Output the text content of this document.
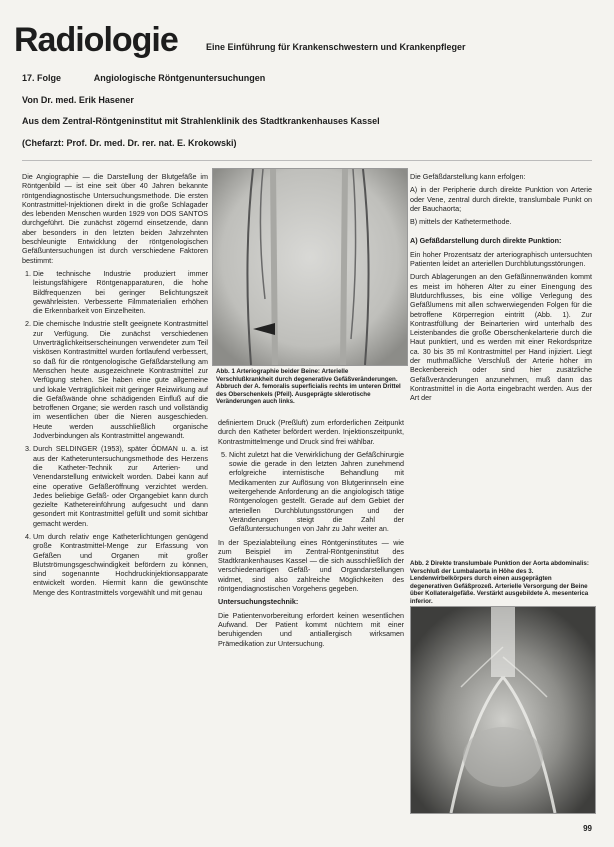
Radiologie	Eine Einführung für Krankenschwestern und Krankenpfleger
17. Folge	Angiologische Röntgenuntersuchungen
Von Dr. med. Erik Hasener
Aus dem Zentral-Röntgeninstitut mit Strahlenklinik des Stadtkrankenhauses Kassel
(Chefarzt: Prof. Dr. med. Dr. rer. nat. E. Krokowski)

Die Angiographie — die Darstellung der Blutgefäße im Röntgenbild — ist eine seit über 40 Jahren bekannte röntgendiagnostische Untersuchungsmethode. Die ersten Kontrastmittel-Injektionen direkt in die große Schlagader des lebenden Menschen wurden 1929 von DOS SANTOS durchgeführt. Die zunächst zögernd einsetzende, dann aber besonders in den letzten beiden Jahrzehnten beschleunigte Entwicklung der röntgenologischen Gefäßuntersuchungen ist durch verschiedene Faktoren bestimmt:

1. Die technische Industrie produziert immer leistungsfähigere Röntgenapparaturen, die hohe Bildfrequenzen bei geringer Belichtungszeit gewährleisten. Verbesserte Filmmaterialien erhöhen die Erkennbarkeit von Einzelheiten.
2. Die chemische Industrie stellt geeignete Kontrastmittel zur Verfügung. Die zunächst verschiedenen Unverträglichkeitserscheinungen verwendeter zum Teil viskösen Kontrastmittel wurden fortlaufend verbessert, so daß für die röntgenologische Gefäßdarstellung am Menschen heute ausgezeichnete Kontrastmittel zur Verfügung stehen. Sie haben eine gute allgemeine und lokale Verträglichkeit mit geringer Reizwirkung auf die Gefäßwände ohne schädigenden Einfluß auf die betroffenen Organe; sie werden rasch und vollständig im wesentlichen über die Nieren ausgeschieden. Heute werden ausschließlich organische Jodverbindungen als Kontrastmittel angewandt.
3. Durch SELDINGER (1953), später ÖDMAN u. a. ist aus der Katheteruntersuchungsmethode des Herzens die Katheter-Technik zur Arterien- und Venendarstellung entwickelt worden. Dabei kann auf eine operative Gefäßeröffnung verzichtet werden. Jedes beliebige Gefäß- oder Organgebiet kann durch gezielte Kathetereinführung aufgesucht und dann gesondert mit Kontrastmittel gefüllt und somit sichtbar gemacht werden.
4. Um durch relativ enge Katheterlichtungen genügend große Kontrastmittel-Menge zur Erfassung von Gefäßen und Organen mit großer Blutströmungsgeschwindigkeit befördern zu können, sind sogenannte Hochdruckinjektionsapparate entwickelt worden. Hiermit kann die gewünschte Menge des Kontrastmittels vorgewählt und mit genau
Abb. 1 Arteriographie beider Beine: Arterielle Verschlußkrankheit durch degenerative Gefäßveränderungen. Abbruch der A. femoralis superficialis rechts im unteren Drittel des Oberschenkels (Pfeil). Ausgeprägte sklerotische Veränderungen auch links.

definiertem Druck (Preßluft) zum erforderlichen Zeitpunkt durch den Katheter befördert werden. Injektionszeitpunkt, Kontrastmittelmenge und Druck sind frei wählbar.

5. Nicht zuletzt hat die Verwirklichung der Gefäßchirurgie sowie die gerade in den letzten Jahren zunehmend erfolgreiche internistische Behandlung mit Medikamenten zur Auflösung von Blutgerinnseln eine weitergehende Anforderung an die angiologisch tätige Röntgenologen gestellt. Gerade auf dem Gebiet der arteriellen Durchblutungsstörungen und der Veränderungen steigt die Zahl der Gefäßuntersuchungen von Jahr zu Jahr weiter an.

In der Spezialabteilung eines Röntgeninstitutes — wie zum Beispiel im Zentral-Röntgeninstitut des Stadtkrankenhauses Kassel — die sich ausschließlich der verschiedenartigen Gefäß- und Organdarstellungen widmet, sind also zahlreiche Möglichkeiten des röntgendiagnostischen Vorgehens gegeben.

Untersuchungstechnik:

Die Patientenvorbereitung erfordert keinen wesentlichen Aufwand. Der Patient kommt nüchtern mit einer beruhigenden und antiallergisch wirksamen Prämedikation zur Untersuchung.

Die Gefäßdarstellung kann erfolgen:

A) in der Peripherie durch direkte Punktion von Arterie oder Vene, zentral durch direkte, translumbale Punkt on der Bauchaorta;

B) mittels der Kathetermethode.

A) Gefäßdarstellung durch direkte Punktion:

Ein hoher Prozentsatz der arteriographisch untersuchten Patienten leidet an arteriellen Durchblutungsstörungen.

Durch Ablagerungen an den Gefäßinnenwänden kommt es meist im höheren Alter zu einer Einengung des Blutdurchflusses, bis eine völlige Verlegung des Gefäßlumens mit allen schwerwiegenden Folgen für die betroffene Körperregion eintritt (Abb. 1). Zur Kontrastfüllung der Beinarterien wird unterhalb des Leistenbandes die große Oberschenkelarterie durch die Haut punktiert, und es werden mit einer Rekordspritze ca. 30 bis 35 ml Kontrastmittel per Hand injiziert. Liegt der muthmaßliche Verschluß der Arterie höher im Beckenbereich oder sind hier zusätzliche Gefäßveränderungen anzunehmen, muß dann das Kontrastmittel in die Aorta eingebracht werden. Aus der Art der

Abb. 2 Direkte translumbale Punktion der Aorta abdominalis: Verschluß der Lumbalaorta in Höhe des 3. Lendenwirbelkörpers durch einen ausgeprägten degenerativen Gefäßprozeß. Arterielle Versorgung der Beine über Kollateralgefäße. Verstärkt ausgebildete A. mesenterica inferior.
99
